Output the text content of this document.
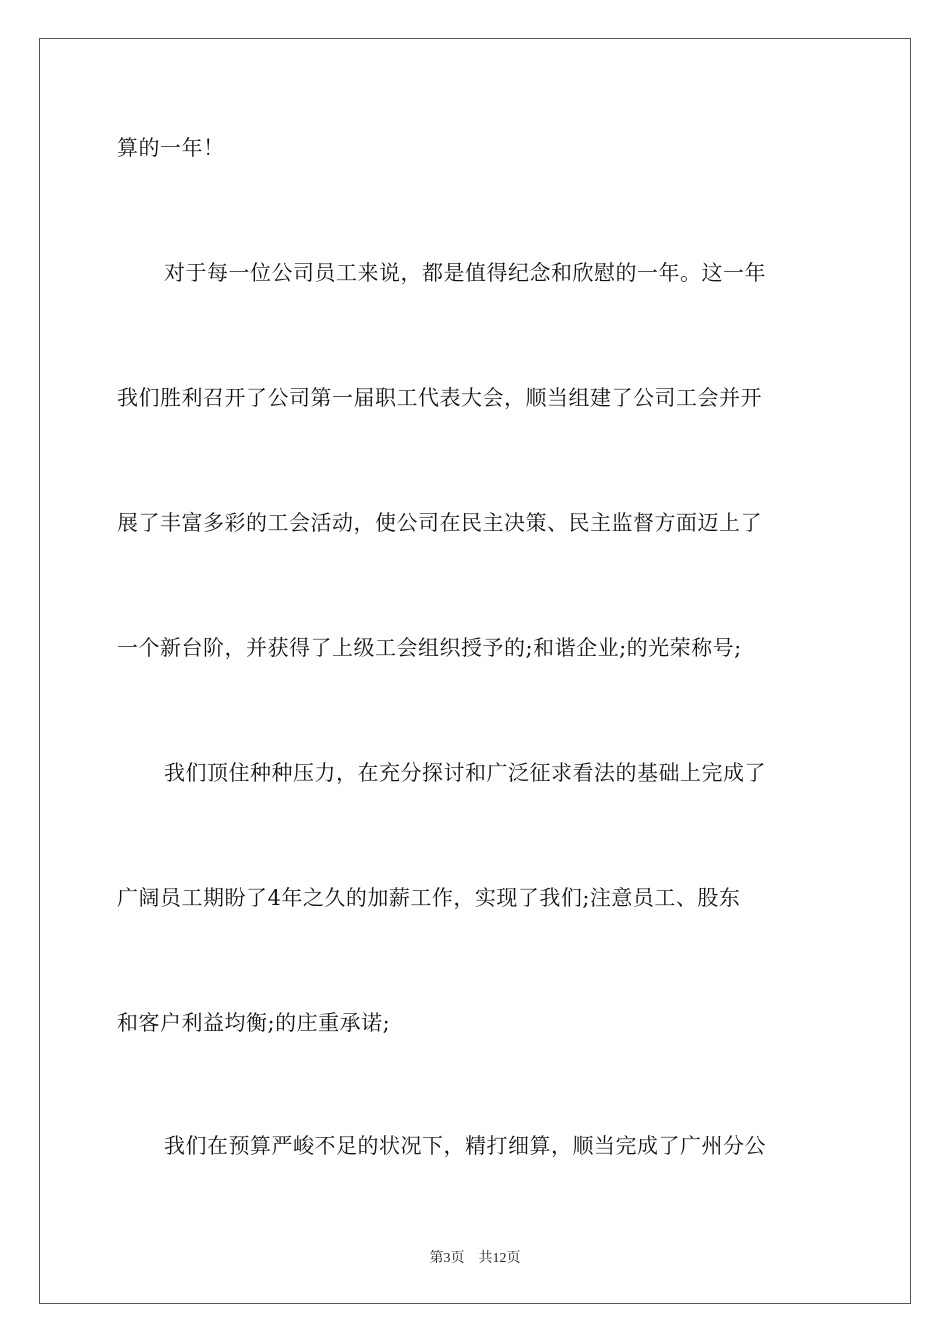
算的一年！
对于每一位公司员工来说，都是值得纪念和欣慰的一年。这一年
我们胜利召开了公司第一届职工代表大会，顺当组建了公司工会并开
展了丰富多彩的工会活动，使公司在民主决策、民主监督方面迈上了
一个新台阶，并获得了上级工会组织授予的;和谐企业;的光荣称号;
我们顶住种种压力，在充分探讨和广泛征求看法的基础上完成了
广阔员工期盼了4年之久的加薪工作，实现了我们;注意员工、股东
和客户利益均衡;的庄重承诺;
我们在预算严峻不足的状况下，精打细算，顺当完成了广州分公
第3页 共12页
